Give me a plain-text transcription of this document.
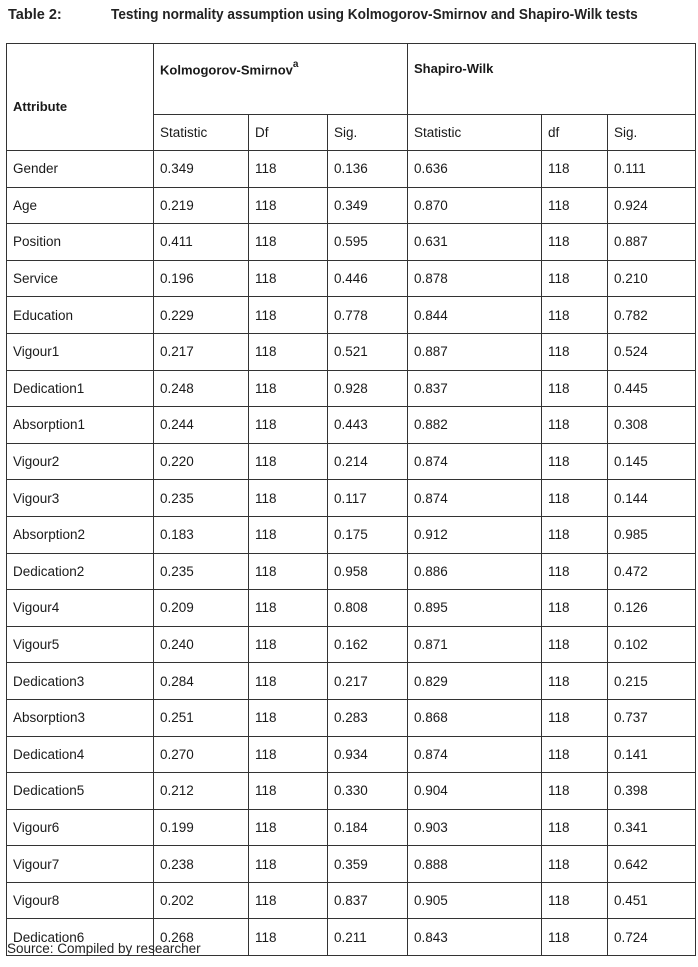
Table 2:	Testing normality assumption using Kolmogorov-Smirnov and Shapiro-Wilk tests
Attribute	Kolmogorov-Smirnov$^a$			Shapiro-Wilk		
	Statistic	Df	Sig.	Statistic	df	Sig.
Gender	0.349	118	0.136	0.636	118	0.111
Age	0.219	118	0.349	0.870	118	0.924
Position	0.411	118	0.595	0.631	118	0.887
Service	0.196	118	0.446	0.878	118	0.210
Education	0.229	118	0.778	0.844	118	0.782
Vigour1	0.217	118	0.521	0.887	118	0.524
Dedication1	0.248	118	0.928	0.837	118	0.445
Absorption1	0.244	118	0.443	0.882	118	0.308
Vigour2	0.220	118	0.214	0.874	118	0.145
Vigour3	0.235	118	0.117	0.874	118	0.144
Absorption2	0.183	118	0.175	0.912	118	0.985
Dedication2	0.235	118	0.958	0.886	118	0.472
Vigour4	0.209	118	0.808	0.895	118	0.126
Vigour5	0.240	118	0.162	0.871	118	0.102
Dedication3	0.284	118	0.217	0.829	118	0.215
Absorption3	0.251	118	0.283	0.868	118	0.737
Dedication4	0.270	118	0.934	0.874	118	0.141
Dedication5	0.212	118	0.330	0.904	118	0.398
Vigour6	0.199	118	0.184	0.903	118	0.341
Vigour7	0.238	118	0.359	0.888	118	0.642
Vigour8	0.202	118	0.837	0.905	118	0.451
Dedication6	0.268	118	0.211	0.843	118	0.724
Source: Compiled by researcher
